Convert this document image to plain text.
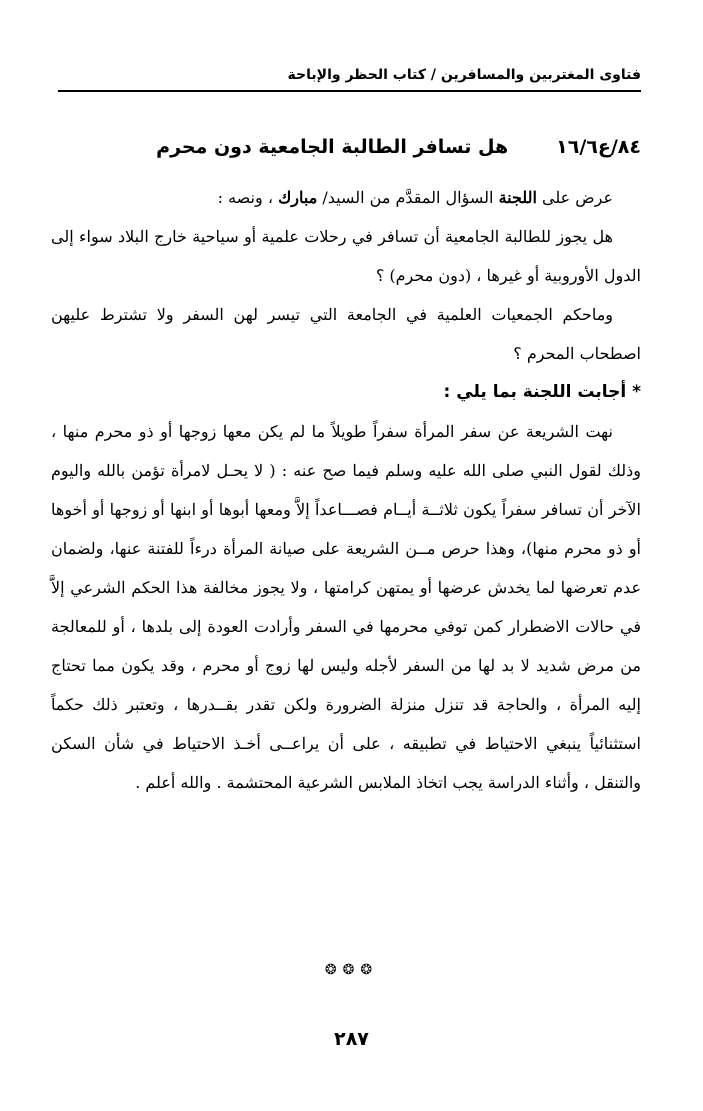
فتاوى المغتربين والمسافرين / كتاب الحظر والإباحة
٨٤/ع١٦/٦هل تسافر الطالبة الجامعية دون محرم

عرض على اللجنة السؤال المقدَّم من السيد/ مبارك ، ونصه :

هل يجوز للطالبة الجامعية أن تسافر في رحلات علمية أو سياحية خارج البلاد سواء إلى الدول الأوروبية أو غيرها ، (دون محرم) ؟

وماحكم الجمعيات العلمية في الجامعة التي تيسر لهن السفر ولا تشترط عليهن اصطحاب المحرم ؟

* أجابت اللجنة بما يلي :

نهت الشريعة عن سفر المرأة سفراً طويلاً ما لم يكن معها زوجها أو ذو محرم منها ، وذلك لقول النبي صلى الله عليه وسلم فيما صح عنه : ( لا يحـل لامرأة تؤمن بالله واليوم الآخر أن تسافر سفراً يكون ثلاثــة أيــام فصـــاعداً إلاَّ ومعها أبوها أو ابنها أو زوجها أو أخوها أو ذو محرم منها)، وهذا حرص مــن الشريعة على صيانة المرأة درءاً للفتنة عنها، ولضمان عدم تعرضها لما يخدش عرضها أو يمتهن كرامتها ، ولا يجوز مخالفة هذا الحكم الشرعي إلاَّ في حالات الاضطرار كمن توفي محرمها في السفر وأرادت العودة إلى بلدها ، أو للمعالجة من مرض شديد لا بد لها من السفر لأجله وليس لها زوج أو محرم ، وقد يكون مما تحتاج إليه المرأة ، والحاجة قد تنزل منزلة الضرورة ولكن تقدر بقــدرها ، وتعتبر ذلك حكماً استثنائياً ينبغي الاحتياط في تطبيقه ، على أن يراعــى أخـذ الاحتياط في شأن السكن والتنقل ، وأثناء الدراسة يجب اتخاذ الملابس الشرعية المحتشمة . والله أعلم .

❂❂❂
٢٨٧
